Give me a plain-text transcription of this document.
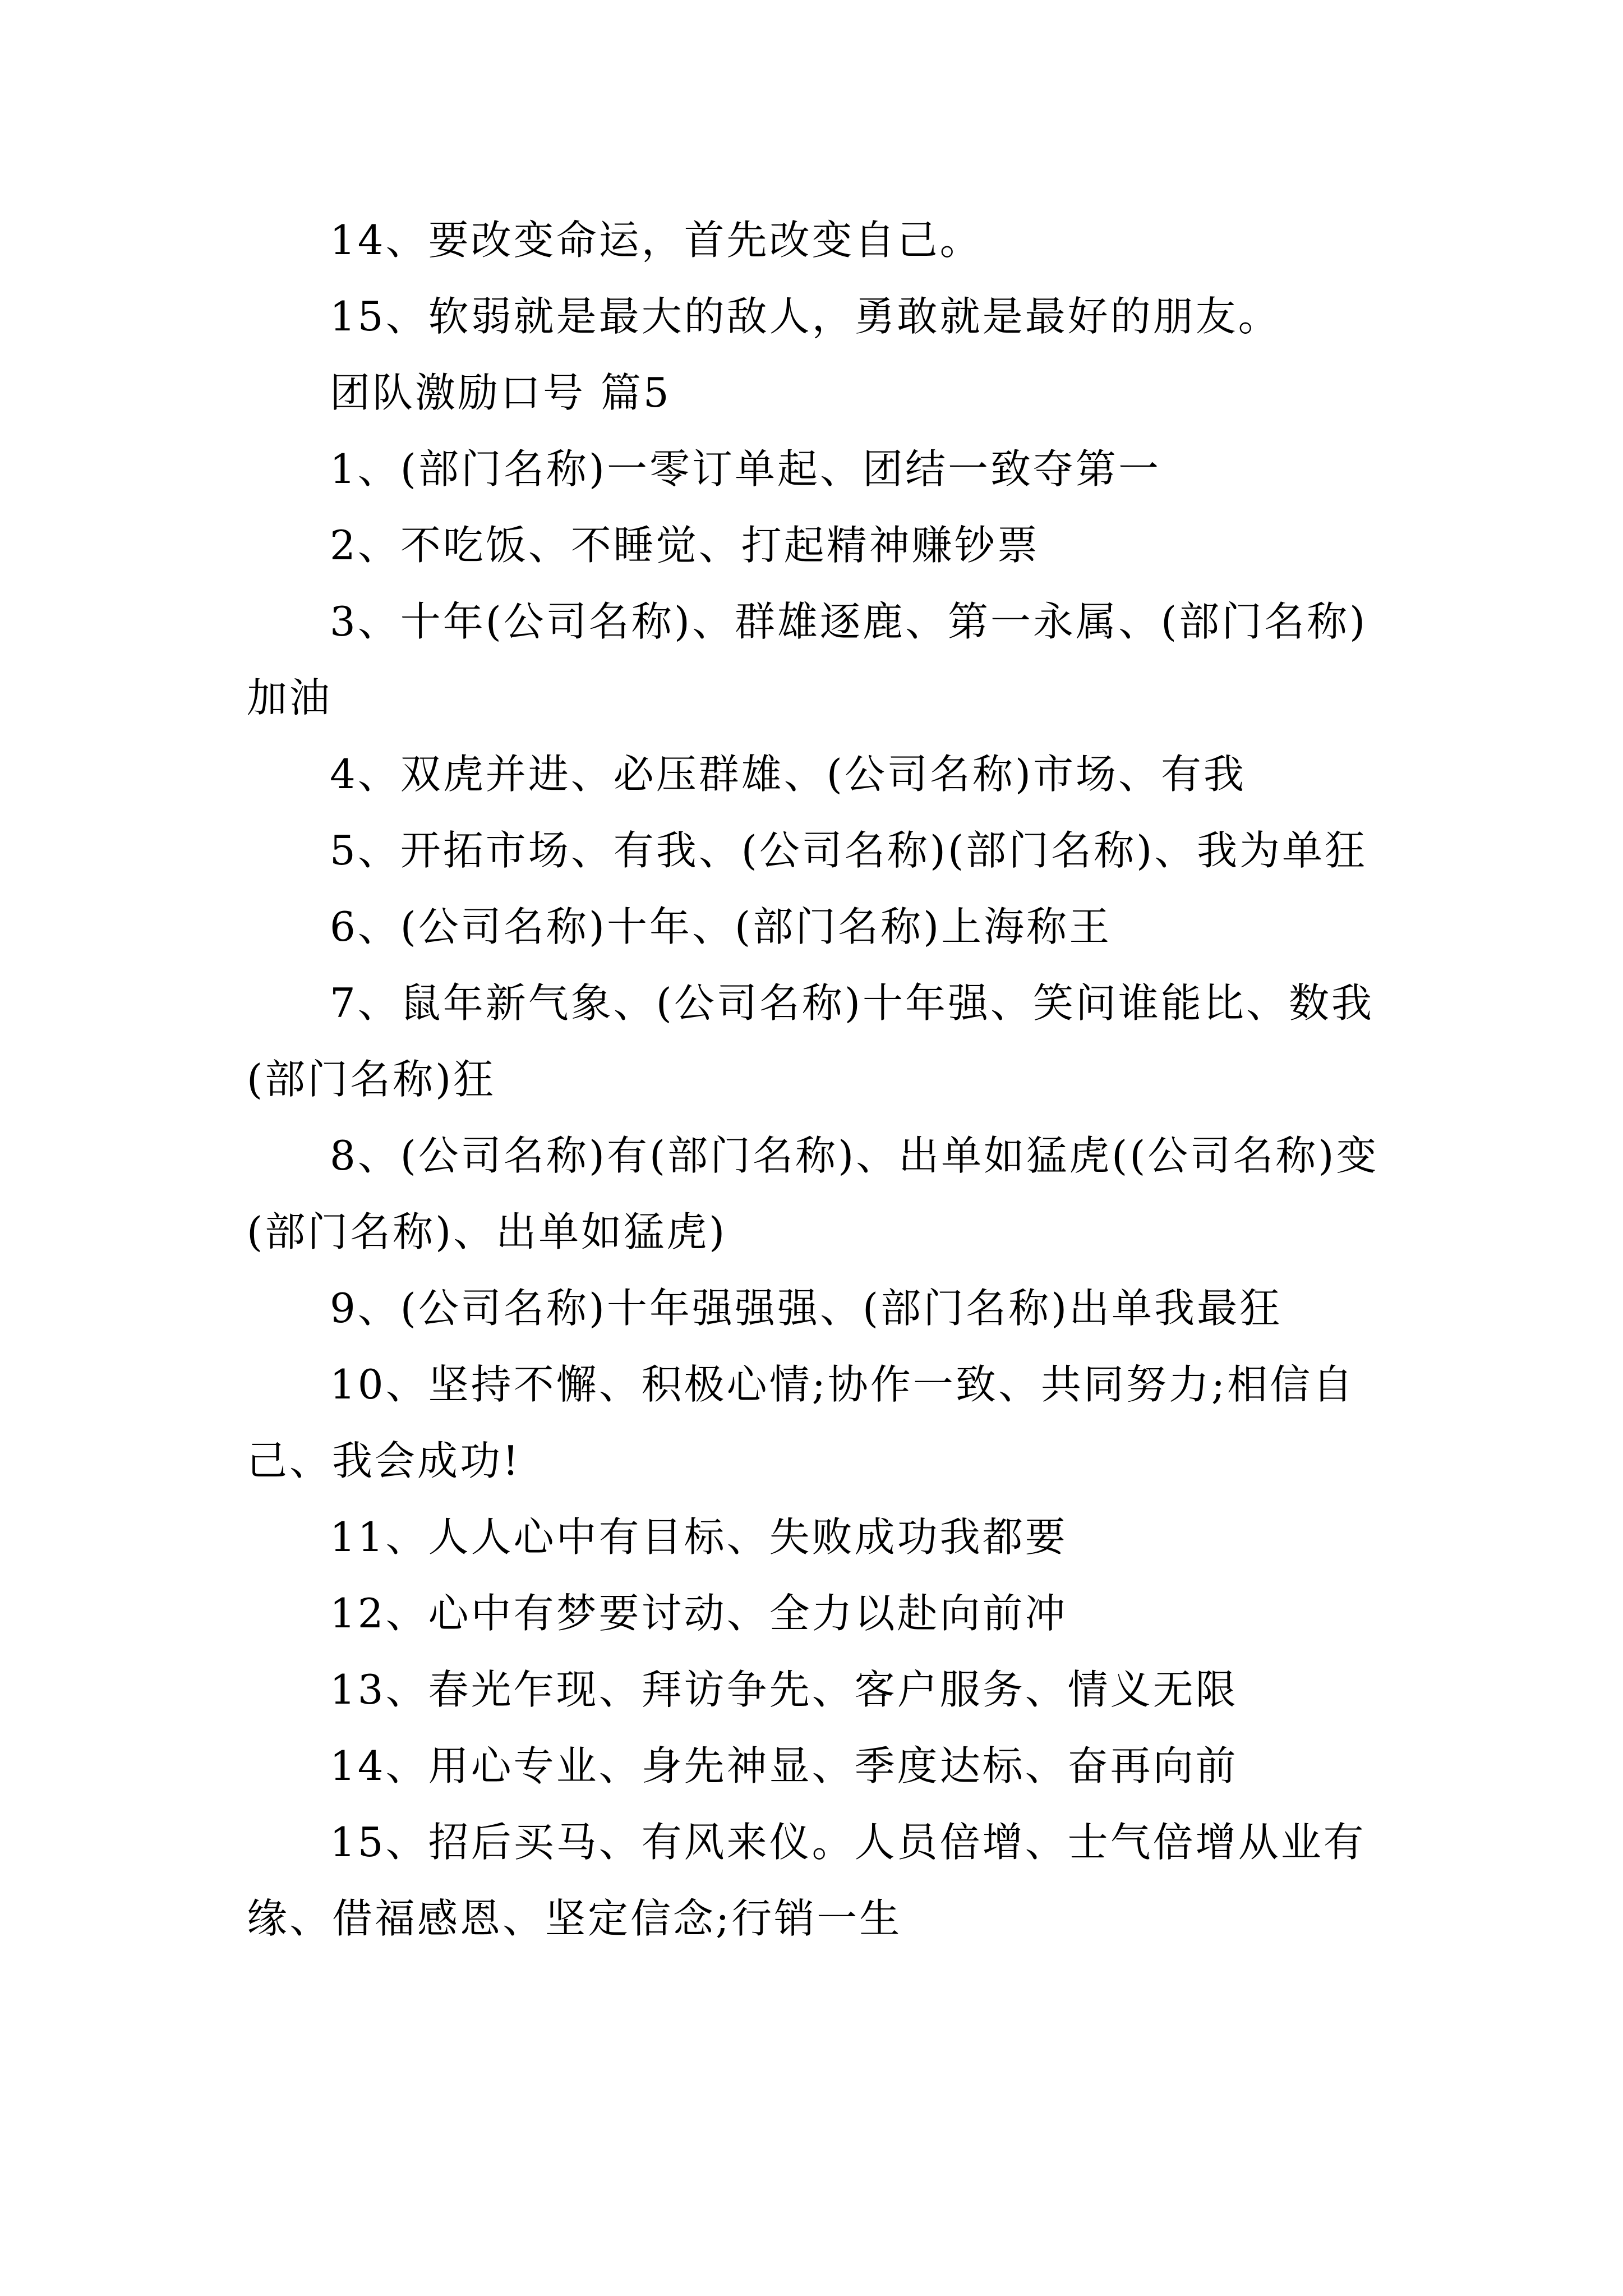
14、要改变命运，首先改变自己。

15、软弱就是最大的敌人，勇敢就是最好的朋友。

团队激励口号 篇5

1、(部门名称)一零订单起、团结一致夺第一

2、不吃饭、不睡觉、打起精神赚钞票

3、十年(公司名称)、群雄逐鹿、第一永属、(部门名称)加油

4、双虎并进、必压群雄、(公司名称)市场、有我

5、开拓市场、有我、(公司名称)(部门名称)、我为单狂

6、(公司名称)十年、(部门名称)上海称王

7、鼠年新气象、(公司名称)十年强、笑问谁能比、数我(部门名称)狂

8、(公司名称)有(部门名称)、出单如猛虎((公司名称)变(部门名称)、出单如猛虎)

9、(公司名称)十年强强强、(部门名称)出单我最狂

10、坚持不懈、积极心情;协作一致、共同努力;相信自己、我会成功!

11、人人心中有目标、失败成功我都要

12、心中有梦要讨动、全力以赴向前冲

13、春光乍现、拜访争先、客户服务、情义无限

14、用心专业、身先神显、季度达标、奋再向前

15、招后买马、有风来仪。人员倍增、士气倍增从业有缘、借福感恩、坚定信念;行销一生
